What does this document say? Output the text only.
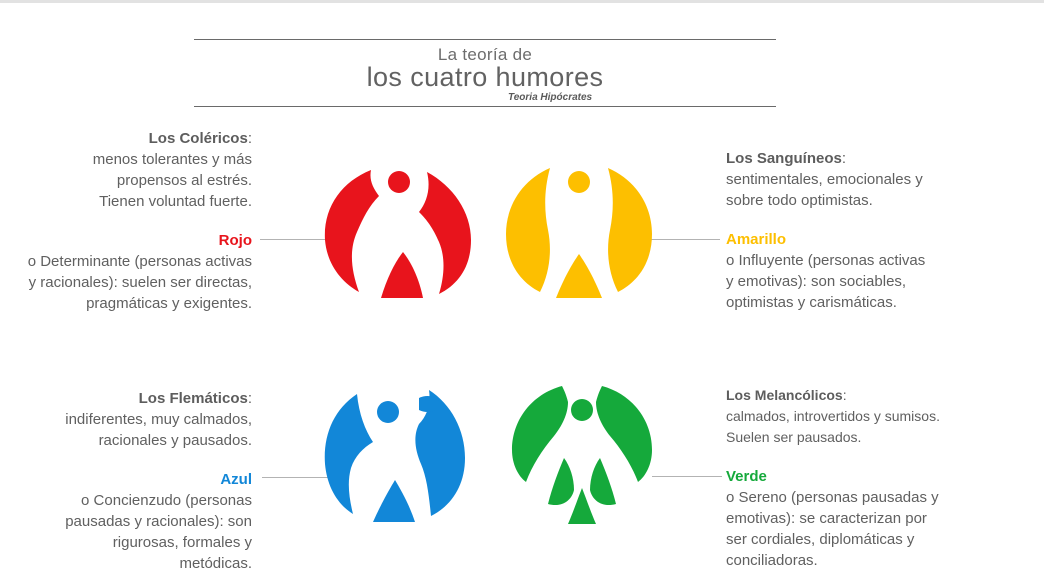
La teoría de
los cuatro humores
Teoria Hipócrates
Los Coléricos:
menos tolerantes y más
propensos al estrés.
Tienen voluntad fuerte.
Rojo
o Determinante (personas activas
y racionales): suelen ser directas,
pragmáticas y exigentes.
Los Sanguíneos:
sentimentales, emocionales y
sobre todo optimistas.
Amarillo
o Influyente (personas activas
y emotivas): son sociables,
optimistas y carismáticas.
Los Flemáticos:
indiferentes, muy calmados,
racionales y pausados.
Azul
o Concienzudo (personas
pausadas y racionales): son
rigurosas, formales y
metódicas.
Los Melancólicos:
calmados, introvertidos y sumisos.
Suelen ser pausados.
Verde
o Sereno (personas pausadas y
emotivas): se caracterizan por
ser cordiales, diplomáticas y
conciliadoras.
